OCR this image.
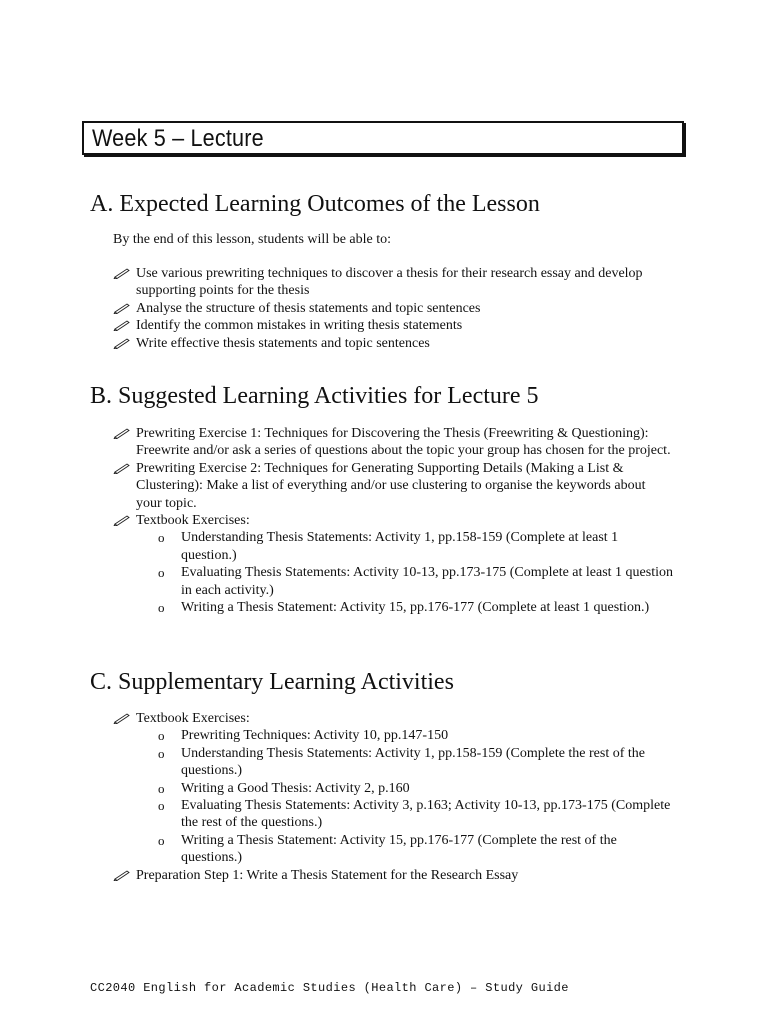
Week 5 – Lecture
A. Expected Learning Outcomes of the Lesson
By the end of this lesson, students will be able to:
Use various prewriting techniques to discover a thesis for their research essay and develop supporting points for the thesis
Analyse the structure of thesis statements and topic sentences
Identify the common mistakes in writing thesis statements
Write effective thesis statements and topic sentences
B. Suggested Learning Activities for Lecture 5
Prewriting Exercise 1: Techniques for Discovering the Thesis (Freewriting & Questioning): Freewrite and/or ask a series of questions about the topic your group has chosen for the project.
Prewriting Exercise 2: Techniques for Generating Supporting Details (Making a List & Clustering): Make a list of everything and/or use clustering to organise the keywords about your topic.
Textbook Exercises:
o Understanding Thesis Statements: Activity 1, pp.158-159 (Complete at least 1 question.)
o Evaluating Thesis Statements: Activity 10-13, pp.173-175 (Complete at least 1 question in each activity.)
o Writing a Thesis Statement: Activity 15, pp.176-177 (Complete at least 1 question.)
C. Supplementary Learning Activities
Textbook Exercises:
o Prewriting Techniques: Activity 10, pp.147-150
o Understanding Thesis Statements: Activity 1, pp.158-159 (Complete the rest of the questions.)
o Writing a Good Thesis: Activity 2, p.160
o Evaluating Thesis Statements: Activity 3, p.163; Activity 10-13, pp.173-175 (Complete the rest of the questions.)
o Writing a Thesis Statement: Activity 15, pp.176-177 (Complete the rest of the questions.)
Preparation Step 1: Write a Thesis Statement for the Research Essay
CC2040 English for Academic Studies (Health Care) – Study Guide
